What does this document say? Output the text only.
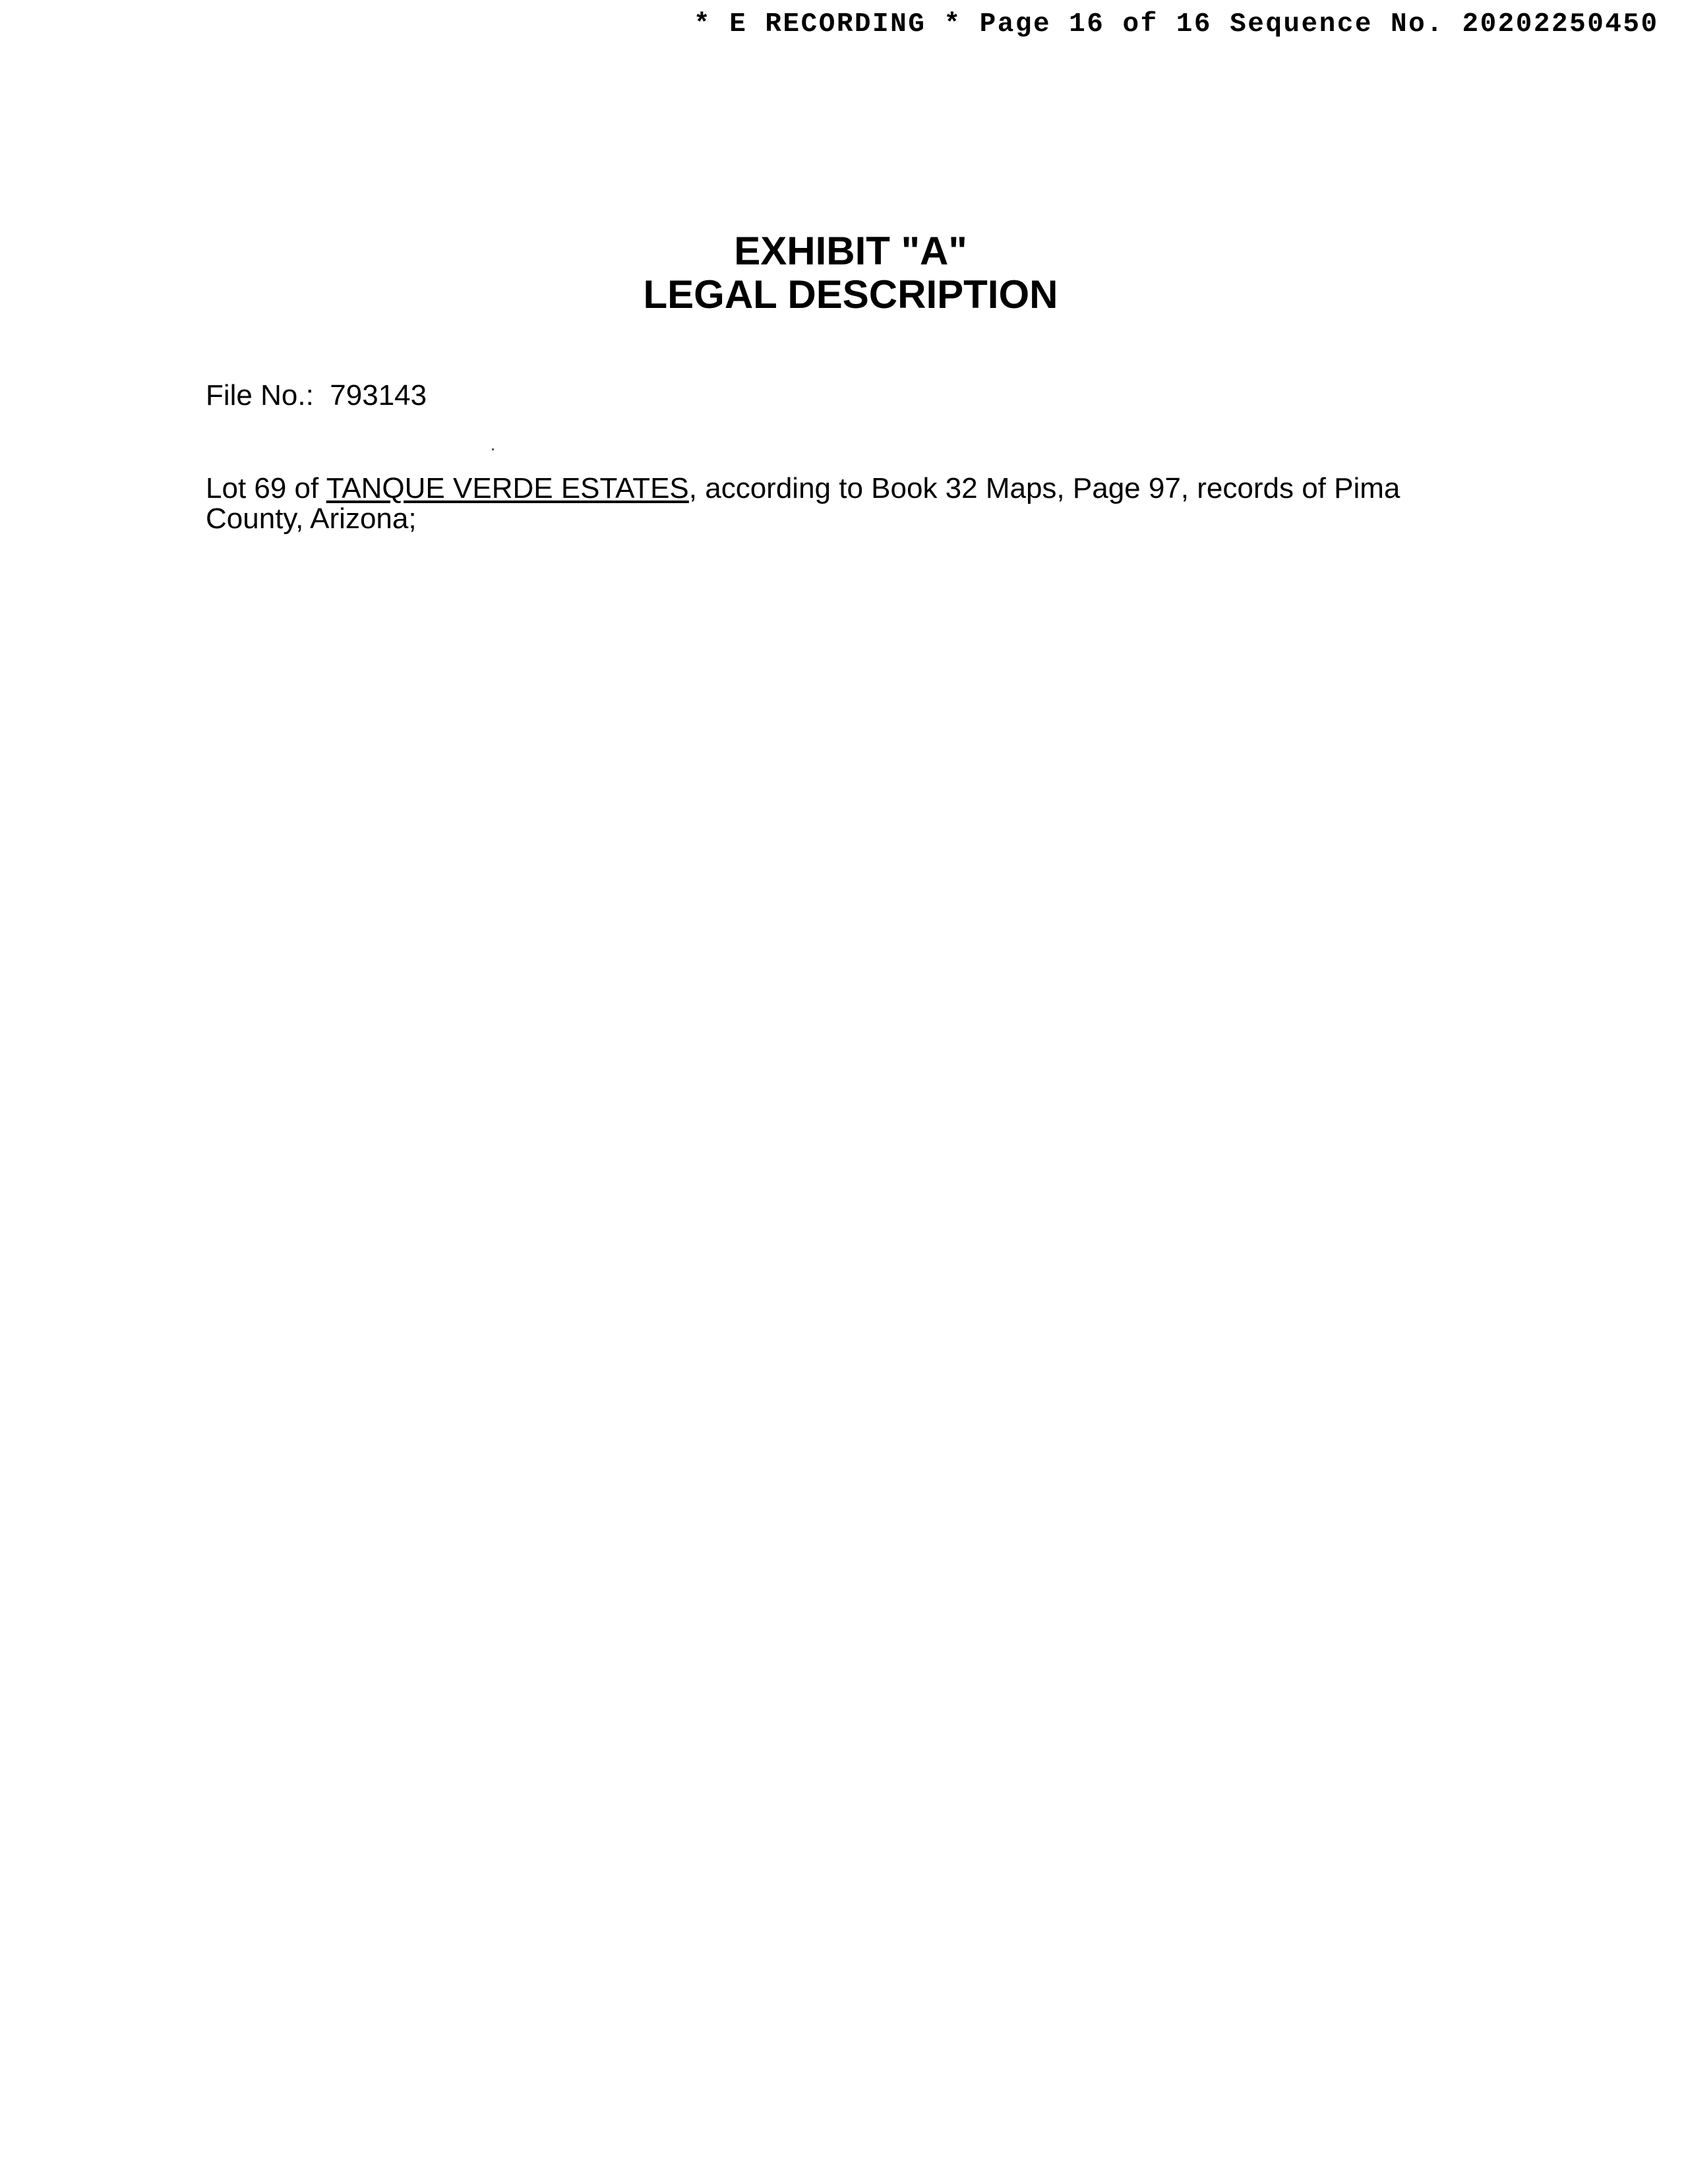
* E RECORDING * Page 16 of 16 Sequence No. 20202250450
EXHIBIT "A"
LEGAL DESCRIPTION
File No.: 793143
Lot 69 of TANQUE VERDE ESTATES, according to Book 32 Maps, Page 97, records of Pima County, Arizona;
